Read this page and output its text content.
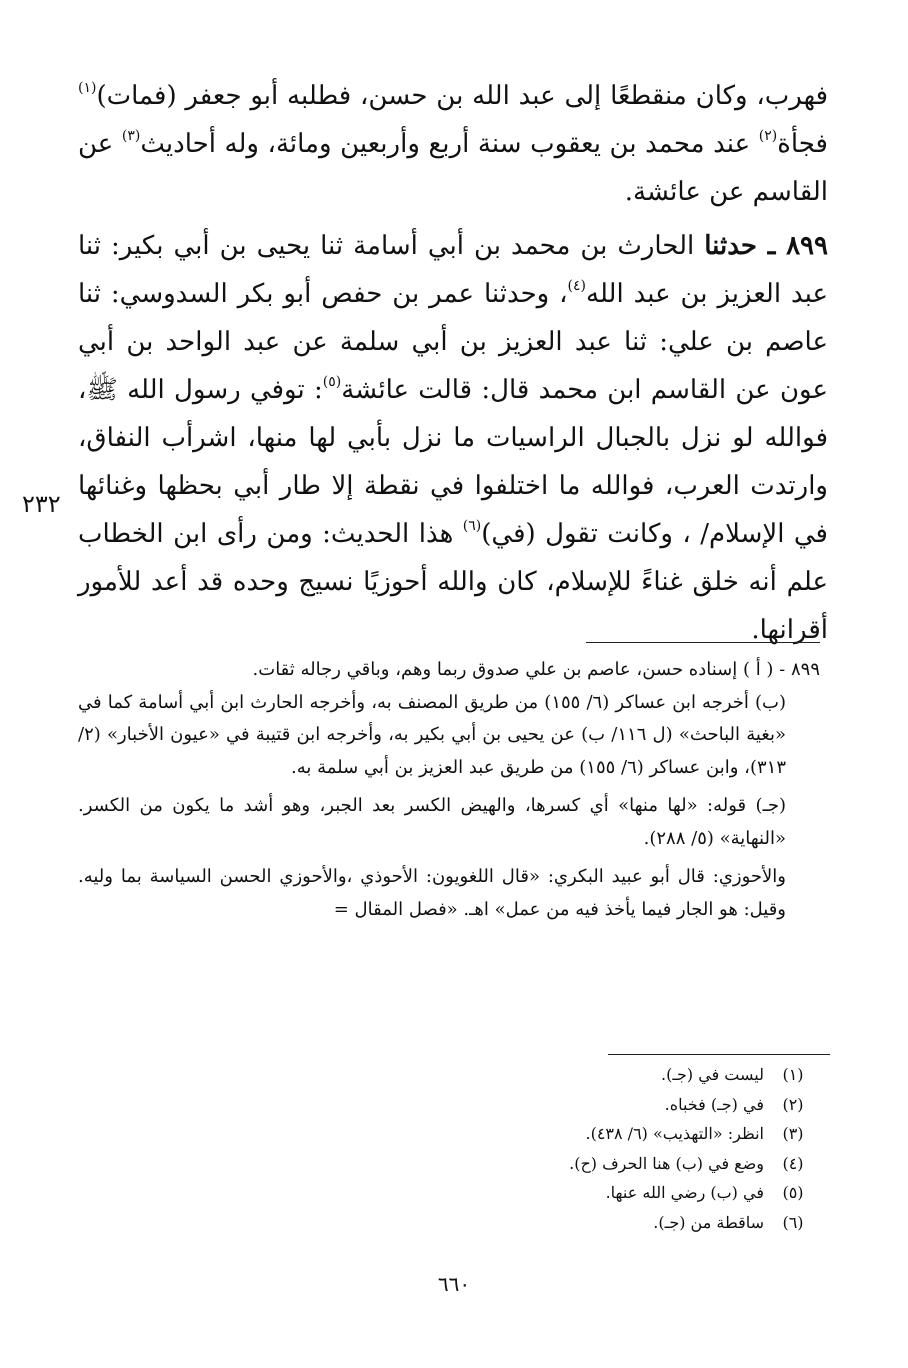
فهرب، وكان منقطعًا إلى عبد الله بن حسن، فطلبه أبو جعفر (فمات)$^{(١)}$ فجأة$^{(٢)}$ عند محمد بن يعقوب سنة أربع وأربعين ومائة، وله أحاديث$^{(٣)}$ عن القاسم عن عائشة.

٨٩٩ ـ حدثنا الحارث بن محمد بن أبي أسامة ثنا يحيى بن أبي بكير: ثنا عبد العزيز بن عبد الله$^{(٤)}$، وحدثنا عمر بن حفص أبو بكر السدوسي: ثنا عاصم بن علي: ثنا عبد العزيز بن أبي سلمة عن عبد الواحد بن أبي عون عن القاسم ابن محمد قال: قالت عائشة$^{(٥)}$: توفي رسول الله ﷺ، فوالله لو نزل بالجبال الراسيات ما نزل بأبي لها منها، اشرأب النفاق، وارتدت العرب، فوالله ما اختلفوا في نقطة إلا طار أبي بحظها وغنائها في الإسلام/ ، وكانت تقول (في)$^{(٦)}$ هذا الحديث: ومن رأى ابن الخطاب علم أنه خلق غناءً للإسلام، كان والله أحوزيًا نسيج وحده قد أعد للأمور أقرانها.

٢٣٢

٨٩٩ - ( أ ) إسناده حسن، عاصم بن علي صدوق ربما وهم، وباقي رجاله ثقات.

(ب) أخرجه ابن عساكر (٦/ ١٥٥) من طريق المصنف به، وأخرجه الحارث ابن أبي أسامة كما في «بغية الباحث» (ل ١١٦/ ب) عن يحيى بن أبي بكير به، وأخرجه ابن قتيبة في «عيون الأخبار» (٢/ ٣١٣)، وابن عساكر (٦/ ١٥٥) من طريق عبد العزيز بن أبي سلمة به.

(جـ) قوله: «لها منها» أي كسرها، والهيض الكسر بعد الجبر، وهو أشد ما يكون من الكسر. «النهاية» (٥/ ٢٨٨).

والأحوزي: قال أبو عبيد البكري: «قال اللغويون: الأحوذي ،والأحوزي الحسن السياسة بما وليه. وقيل: هو الجار فيما يأخذ فيه من عمل» اهـ. «فصل المقال =

(١)
ليست في (جـ).
(٢)
في (جـ) فخباه.
(٣)
انظر: «التهذيب» (٦/ ٤٣٨).
(٤)
وضع في (ب) هنا الحرف (ح).
(٥)
في (ب) رضي الله عنها.
(٦)
ساقطة من (جـ).
٦٦٠
